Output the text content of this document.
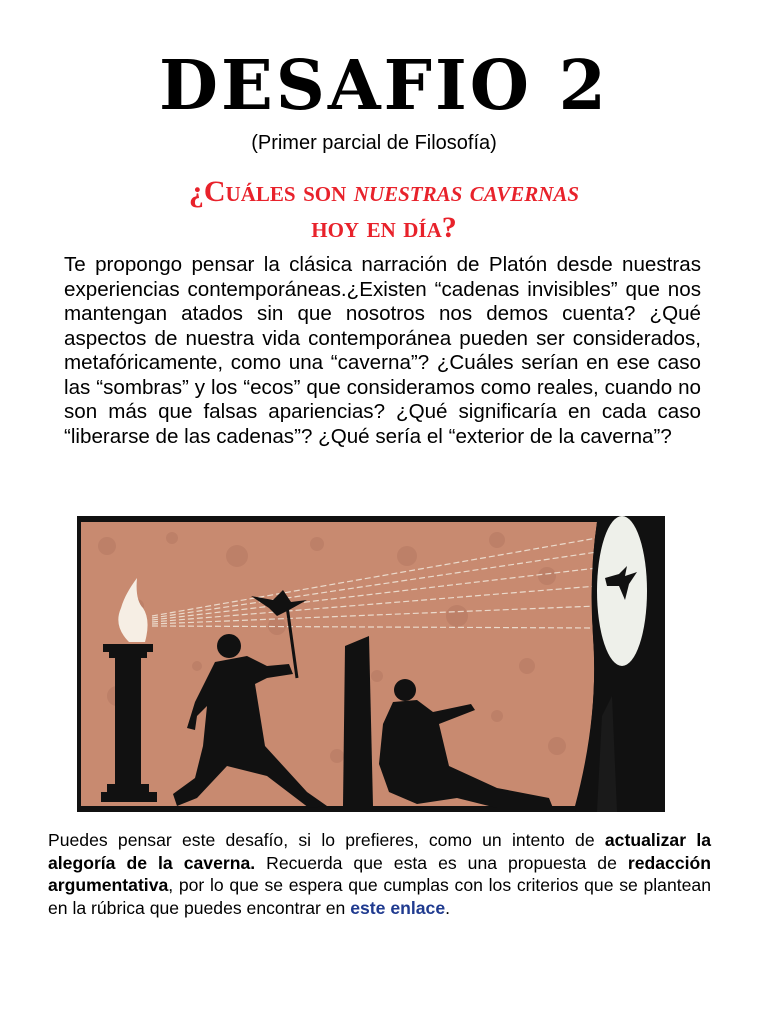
DESAFIO 2
(Primer parcial de Filosofía)
¿Cuáles son nuestras cavernas
hoy en día?

Te propongo pensar la clásica narración de Platón desde nuestras experiencias contemporáneas.¿Existen “cadenas invisibles” que nos mantengan atados sin que nosotros nos demos cuenta? ¿Qué aspectos de nuestra vida contemporánea pueden ser considerados, metafóricamente, como una “caverna”? ¿Cuáles serían en ese caso las “sombras” y los “ecos” que consideramos como reales, cuando no son más que falsas apariencias? ¿Qué significaría en cada caso “liberarse de las cadenas”? ¿Qué sería el “exterior de la caverna”?

Puedes pensar este desafío, si lo prefieres, como un intento de actualizar la alegoría de la caverna. Recuerda que esta es una propuesta de redacción argumentativa, por lo que se espera que cumplas con los criterios que se plantean en la rúbrica que puedes encontrar en este enlace.
